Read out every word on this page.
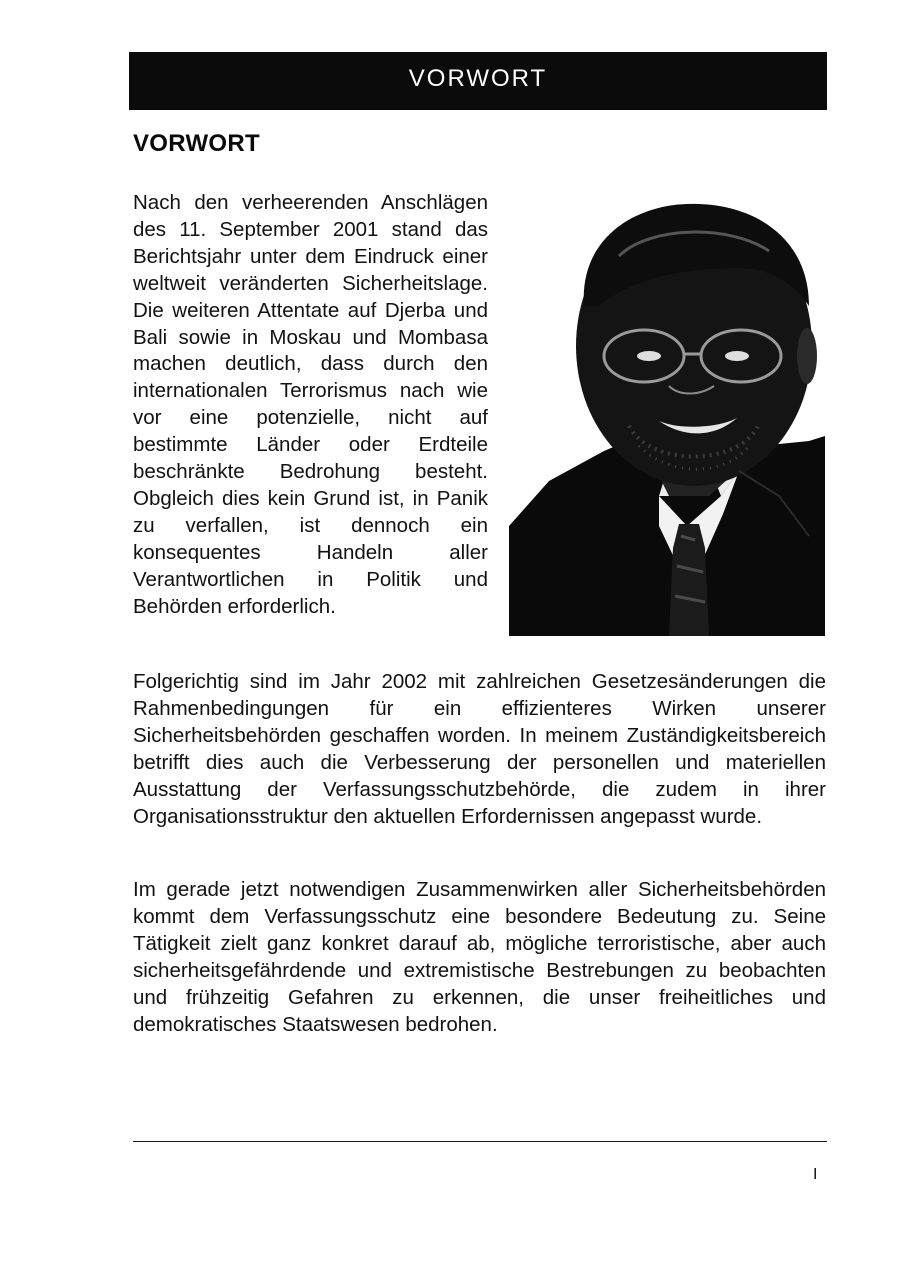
VORWORT
VORWORT

Nach den verheerenden Anschlägen des 11. September 2001 stand das Berichtsjahr unter dem Eindruck einer weltweit veränderten Sicherheitslage. Die weiteren Attentate auf Djerba und Bali sowie in Moskau und Mombasa machen deutlich, dass durch den internationalen Terrorismus nach wie vor eine potenzielle, nicht auf bestimmte Länder oder Erdteile beschränkte Bedrohung besteht. Obgleich dies kein Grund ist, in Panik zu verfallen, ist dennoch ein konsequentes Handeln aller Verantwortlichen in Politik und Behörden erforderlich.

Folgerichtig sind im Jahr 2002 mit zahlreichen Gesetzesänderungen die Rahmenbedingungen für ein effizienteres Wirken unserer Sicherheitsbehörden geschaffen worden. In meinem Zuständigkeitsbereich betrifft dies auch die Verbesserung der personellen und materiellen Ausstattung der Verfassungsschutzbehörde, die zudem in ihrer Organisationsstruktur den aktuellen Erfordernissen angepasst wurde.

Im gerade jetzt notwendigen Zusammenwirken aller Sicherheitsbehörden kommt dem Verfassungsschutz eine besondere Bedeutung zu. Seine Tätigkeit zielt ganz konkret darauf ab, mögliche terroristische, aber auch sicherheitsgefährdende und extremistische Bestrebungen zu beobachten und frühzeitig Gefahren zu erkennen, die unser freiheitliches und demokratisches Staatswesen bedrohen.

I
